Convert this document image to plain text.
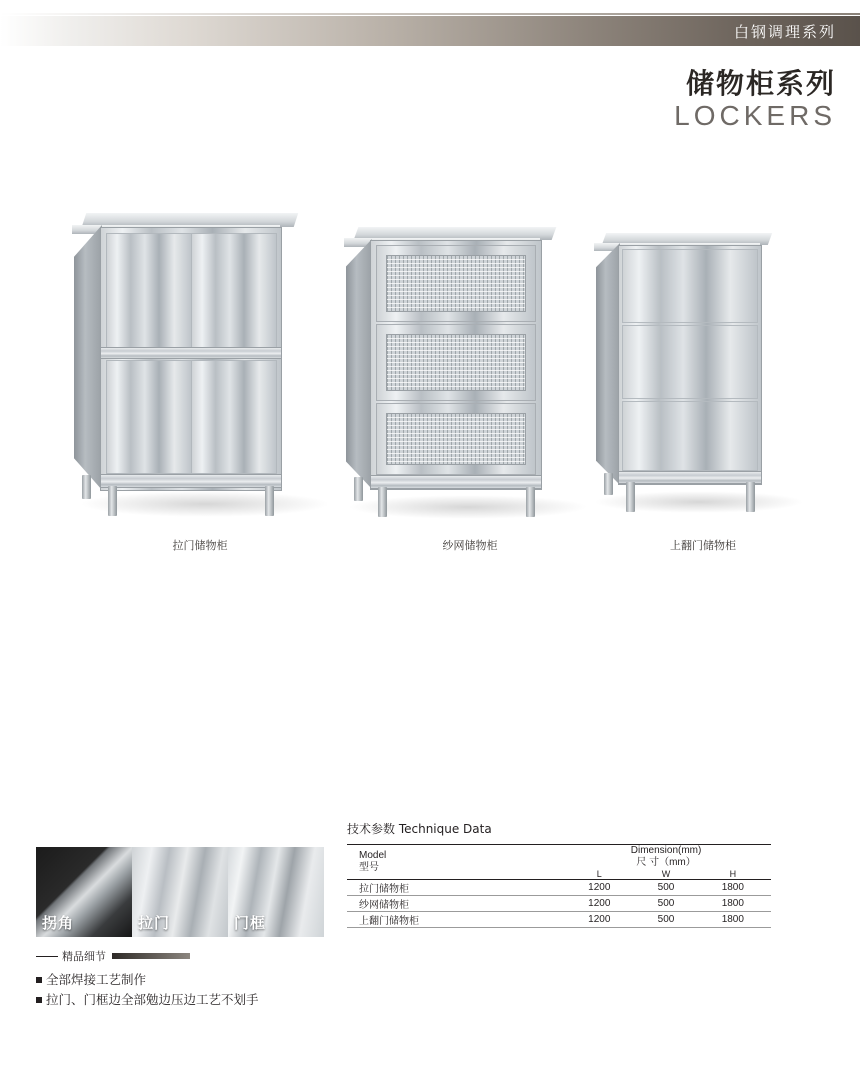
白钢调理系列
储物柜系列
LOCKERS
拉门储物柜	纱网储物柜	上翻门储物柜
技术参数 Technique Data
Model
型号

Dimension(mm)
尺 寸（mm）

	L	W	H
拉门储物柜	1200	500	1800
纱网储物柜	1200	500	1800
上翻门储物柜	1200	500	1800

拐角	拉门	门框
精品细节
全部焊接工艺制作
拉门、门框边全部勉边压边工艺不划手
